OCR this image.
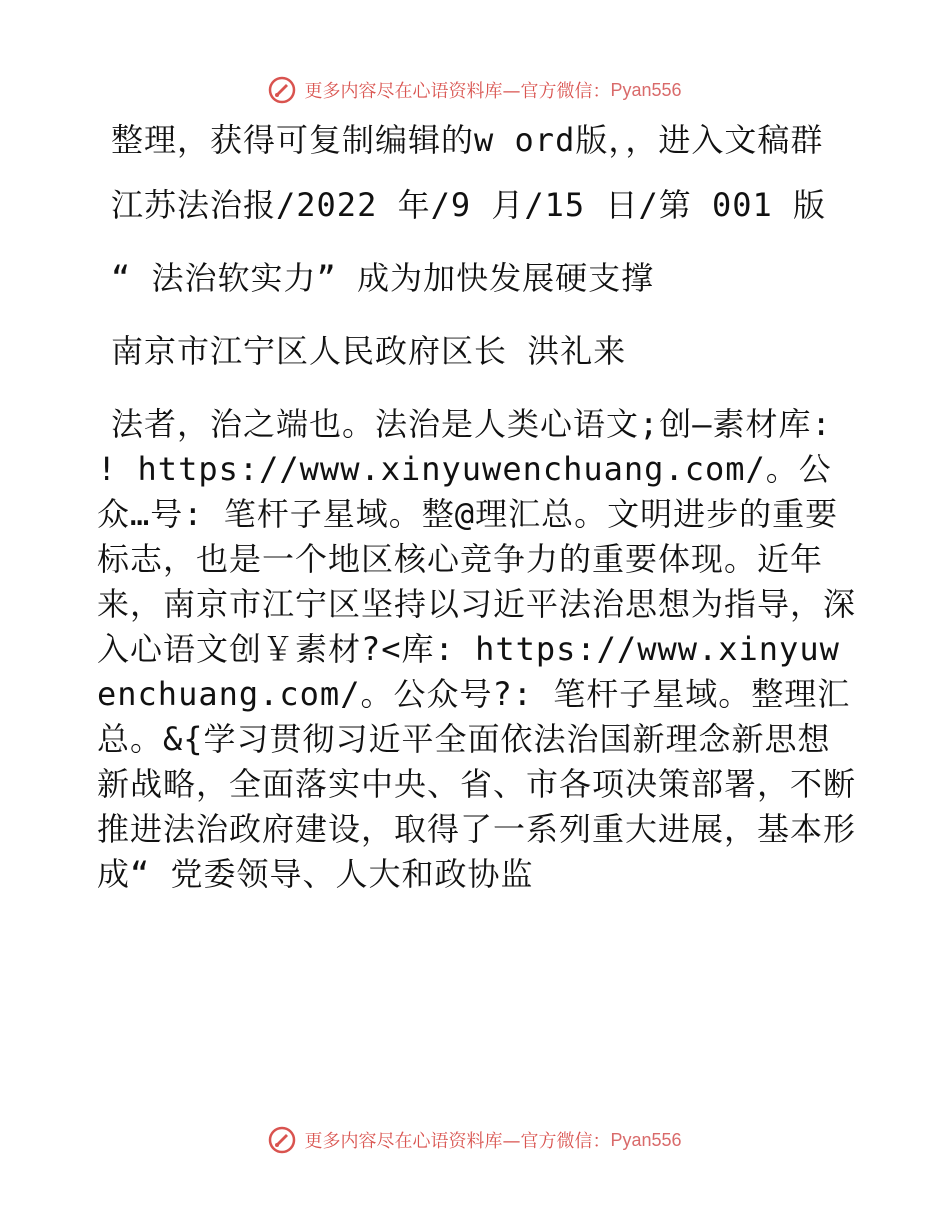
更多内容尽在心语资料库—官方微信： Pyan556

整理，获得可复制编辑的w ord版，，进入文稿群

江苏法治报/2022 年/9 月/15 日/第 001 版

“ 法治软实力” 成为加快发展硬支撑

南京市江宁区人民政府区长 洪礼来

法者，治之端也。法治是人类心语文;创—素材库: ! https://www.xinyuwenchuang.com/。公众…号: 笔杆子星域。整@理汇总。文明进步的重要标志，也是一个地区核心竞争力的重要体现。近年来，南京市江宁区坚持以习近平法治思想为指导，深入心语文创￥素材?<库: https://www.xinyuwenchuang.com/。公众号?: 笔杆子星域。整理汇总。&{学习贯彻习近平全面依法治国新理念新思想新战略，全面落实中央、省、市各项决策部署，不断推进法治政府建设，取得了一系列重大进展，基本形成“ 党委领导、人大和政协监

更多内容尽在心语资料库—官方微信： Pyan556
